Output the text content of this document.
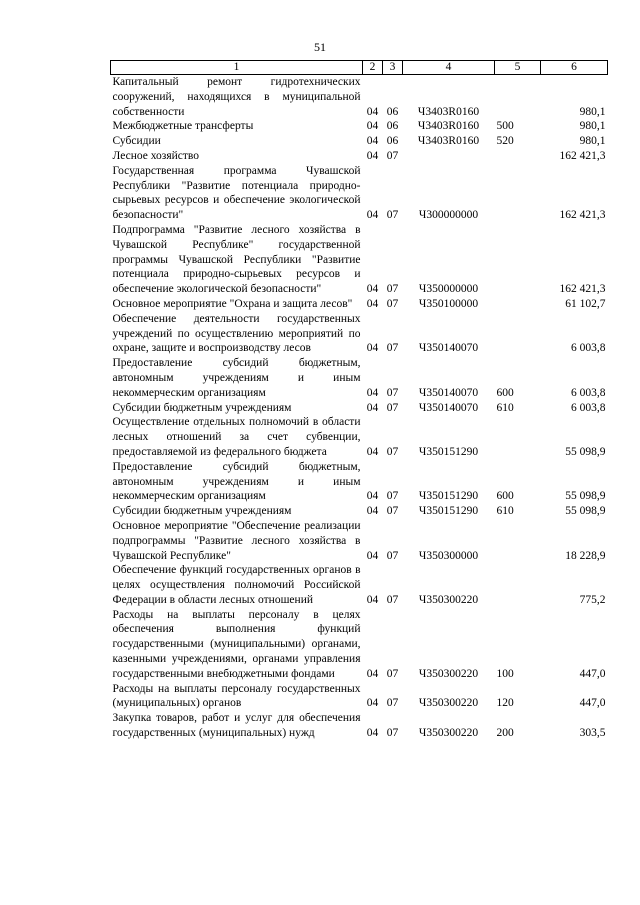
51
1	2	3	4	5	6
Капитальный ремонт гидротехнических сооружений, находящихся в муниципальной собственности	04	06	Ч3403R0160		980,1
Межбюджетные трансферты	04	06	Ч3403R0160	500	980,1
Субсидии	04	06	Ч3403R0160	520	980,1
Лесное хозяйство	04	07			162 421,3
Государственная программа Чувашской Республики "Развитие потенциала природно-сырьевых ресурсов и обеспечение экологической безопасности"	04	07	Ч300000000		162 421,3
Подпрограмма "Развитие лесного хозяйства в Чувашской Республике" государственной программы Чувашской Республики "Развитие потенциала природно-сырьевых ресурсов и обеспечение экологической безопасности"	04	07	Ч350000000		162 421,3
Основное мероприятие "Охрана и защита лесов"	04	07	Ч350100000		61 102,7
Обеспечение деятельности государственных учреждений по осуществлению мероприятий по охране, защите и воспроизводству лесов	04	07	Ч350140070		6 003,8
Предоставление субсидий бюджетным, автономным учреждениям и иным некоммерческим организациям	04	07	Ч350140070	600	6 003,8
Субсидии бюджетным учреждениям	04	07	Ч350140070	610	6 003,8
Осуществление отдельных полномочий в области лесных отношений за счет субвенции, предоставляемой из федерального бюджета	04	07	Ч350151290		55 098,9
Предоставление субсидий бюджетным, автономным учреждениям и иным некоммерческим организациям	04	07	Ч350151290	600	55 098,9
Субсидии бюджетным учреждениям	04	07	Ч350151290	610	55 098,9
Основное мероприятие "Обеспечение реализации подпрограммы "Развитие лесного хозяйства в Чувашской Республике"	04	07	Ч350300000		18 228,9
Обеспечение функций государственных органов в целях осуществления полномочий Российской Федерации в области лесных отношений	04	07	Ч350300220		775,2
Расходы на выплаты персоналу в целях обеспечения выполнения функций государственными (муниципальными) органами, казенными учреждениями, органами управления государственными внебюджетными фондами	04	07	Ч350300220	100	447,0
Расходы на выплаты персоналу государственных (муниципальных) органов	04	07	Ч350300220	120	447,0
Закупка товаров, работ и услуг для обеспечения государственных (муниципальных) нужд	04	07	Ч350300220	200	303,5
